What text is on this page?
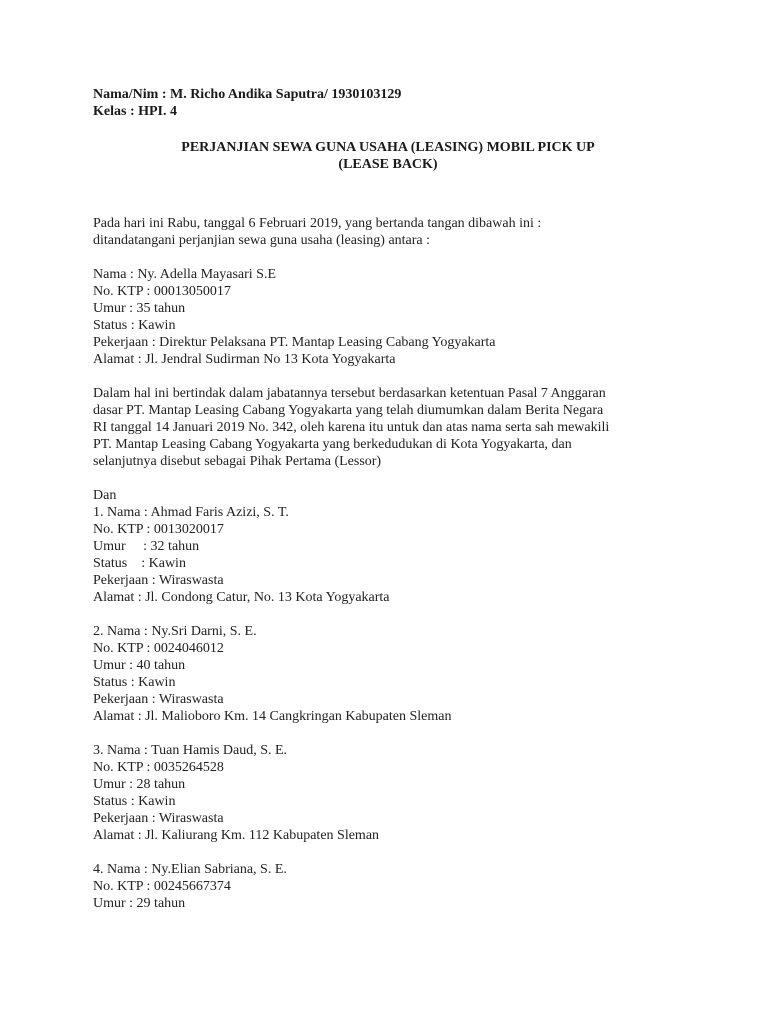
Nama/Nim : M. Richo Andika Saputra/ 1930103129
Kelas : HPI. 4
PERJANJIAN SEWA GUNA USAHA (LEASING) MOBIL PICK UP
(LEASE BACK)
Pada hari ini Rabu, tanggal 6 Februari 2019, yang bertanda tangan dibawah ini :
ditandatangani perjanjian sewa guna usaha (leasing) antara :
Nama : Ny. Adella Mayasari S.E
No. KTP : 00013050017
Umur : 35 tahun
Status : Kawin
Pekerjaan : Direktur Pelaksana PT. Mantap Leasing Cabang Yogyakarta
Alamat : Jl. Jendral Sudirman No 13 Kota Yogyakarta
Dalam hal ini bertindak dalam jabatannya tersebut berdasarkan ketentuan Pasal 7 Anggaran
dasar PT. Mantap Leasing Cabang Yogyakarta yang telah diumumkan dalam Berita Negara
RI tanggal 14 Januari 2019 No. 342, oleh karena itu untuk dan atas nama serta sah mewakili
PT. Mantap Leasing Cabang Yogyakarta yang berkedudukan di Kota Yogyakarta, dan
selanjutnya disebut sebagai Pihak Pertama (Lessor)
Dan
1. Nama : Ahmad Faris Azizi, S. T.
No. KTP : 0013020017
Umur     : 32 tahun
Status    : Kawin
Pekerjaan : Wiraswasta
Alamat : Jl. Condong Catur, No. 13 Kota Yogyakarta
2. Nama : Ny.Sri Darni, S. E.
No. KTP : 0024046012
Umur : 40 tahun
Status : Kawin
Pekerjaan : Wiraswasta
Alamat : Jl. Malioboro Km. 14 Cangkringan Kabupaten Sleman
3. Nama : Tuan Hamis Daud, S. E.
No. KTP : 0035264528
Umur : 28 tahun
Status : Kawin
Pekerjaan : Wiraswasta
Alamat : Jl. Kaliurang Km. 112 Kabupaten Sleman
4. Nama : Ny.Elian Sabriana, S. E.
No. KTP : 00245667374
Umur : 29 tahun
